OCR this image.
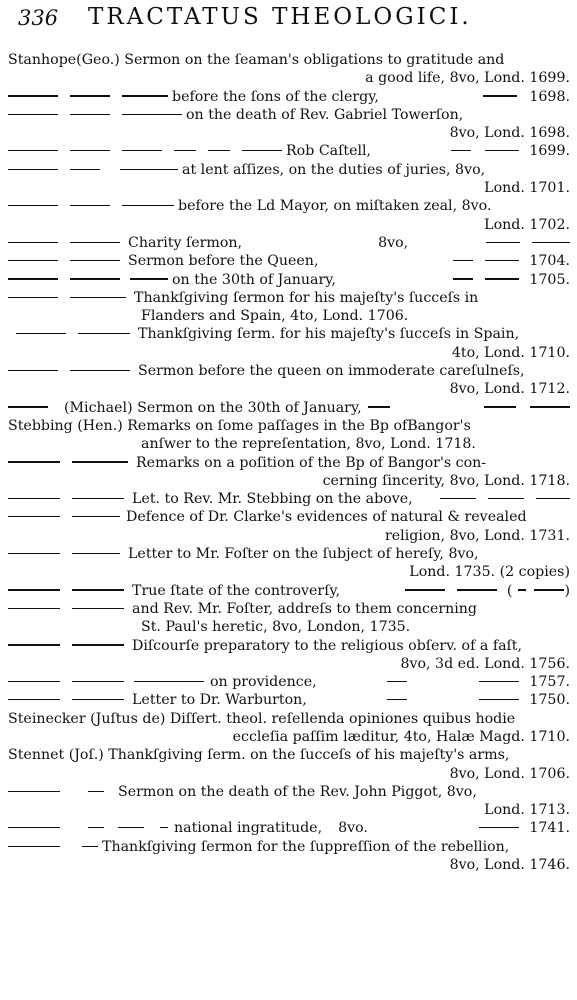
336 TRACTATUS THEOLOGICI.
Stanhope(Geo.) Sermon on the ſeaman's obligations to gratitude and
a good life, 8vo, Lond. 1699.
before the ſons of the clergy,	1698.
on the death of Rev. Gabriel Towerſon,
8vo, Lond. 1698.
Rob Caſtell,	1699.
at lent aſſizes, on the duties of juries, 8vo,
Lond. 1701.
before the Ld Mayor, on miſtaken zeal, 8vo.
Lond. 1702.
Charity ſermon,	8vo,
Sermon before the Queen,	1704.
on the 30th of January,	1705.
Thankſgiving ſermon for his majeſty's ſucceſs in
Flanders and Spain, 4to, Lond. 1706.
Thankſgiving ſerm. for his majeſty's ſucceſs in Spain,
4to, Lond. 1710.
Sermon before the queen on immoderate careſulneſs,
8vo, Lond. 1712.
(Michael) Sermon on the 30th of January,
Stebbing (Hen.) Remarks on ſome paſſages in the Bp ofBangor's
anſwer to the repreſentation, 8vo, Lond. 1718.
Remarks on a poſition of the Bp of Bangor's con-
cerning ſincerity, 8vo, Lond. 1718.
Let. to Rev. Mr. Stebbing on the above,
Defence of Dr. Clarke's evidences of natural & revealed
religion, 8vo, Lond. 1731.
Letter to Mr. Foſter on the ſubject of hereſy, 8vo,
Lond. 1735. (2 copies)
True ſtate of the controverſy,	(	)
and Rev. Mr. Foſter, addreſs to them concerning
St. Paul's heretic, 8vo, London, 1735.
Diſcourſe preparatory to the religious obſerv. of a faſt,
8vo, 3d ed. Lond. 1756.
on providence,	1757.
Letter to Dr. Warburton,	1750.
Steinecker (Juſtus de) Diſſert. theol. reſellenda opiniones quibus hodie
eccleſia paſſim læditur, 4to, Halæ Magd. 1710.
Stennet (Joſ.) Thankſgiving ſerm. on the ſucceſs of his majeſty's arms,
8vo, Lond. 1706.
Sermon on the death of the Rev. John Piggot, 8vo,
Lond. 1713.
national ingratitude, 8vo.	1741.
Thankſgiving ſermon for the ſuppreſſion of the rebellion,
8vo, Lond. 1746.
